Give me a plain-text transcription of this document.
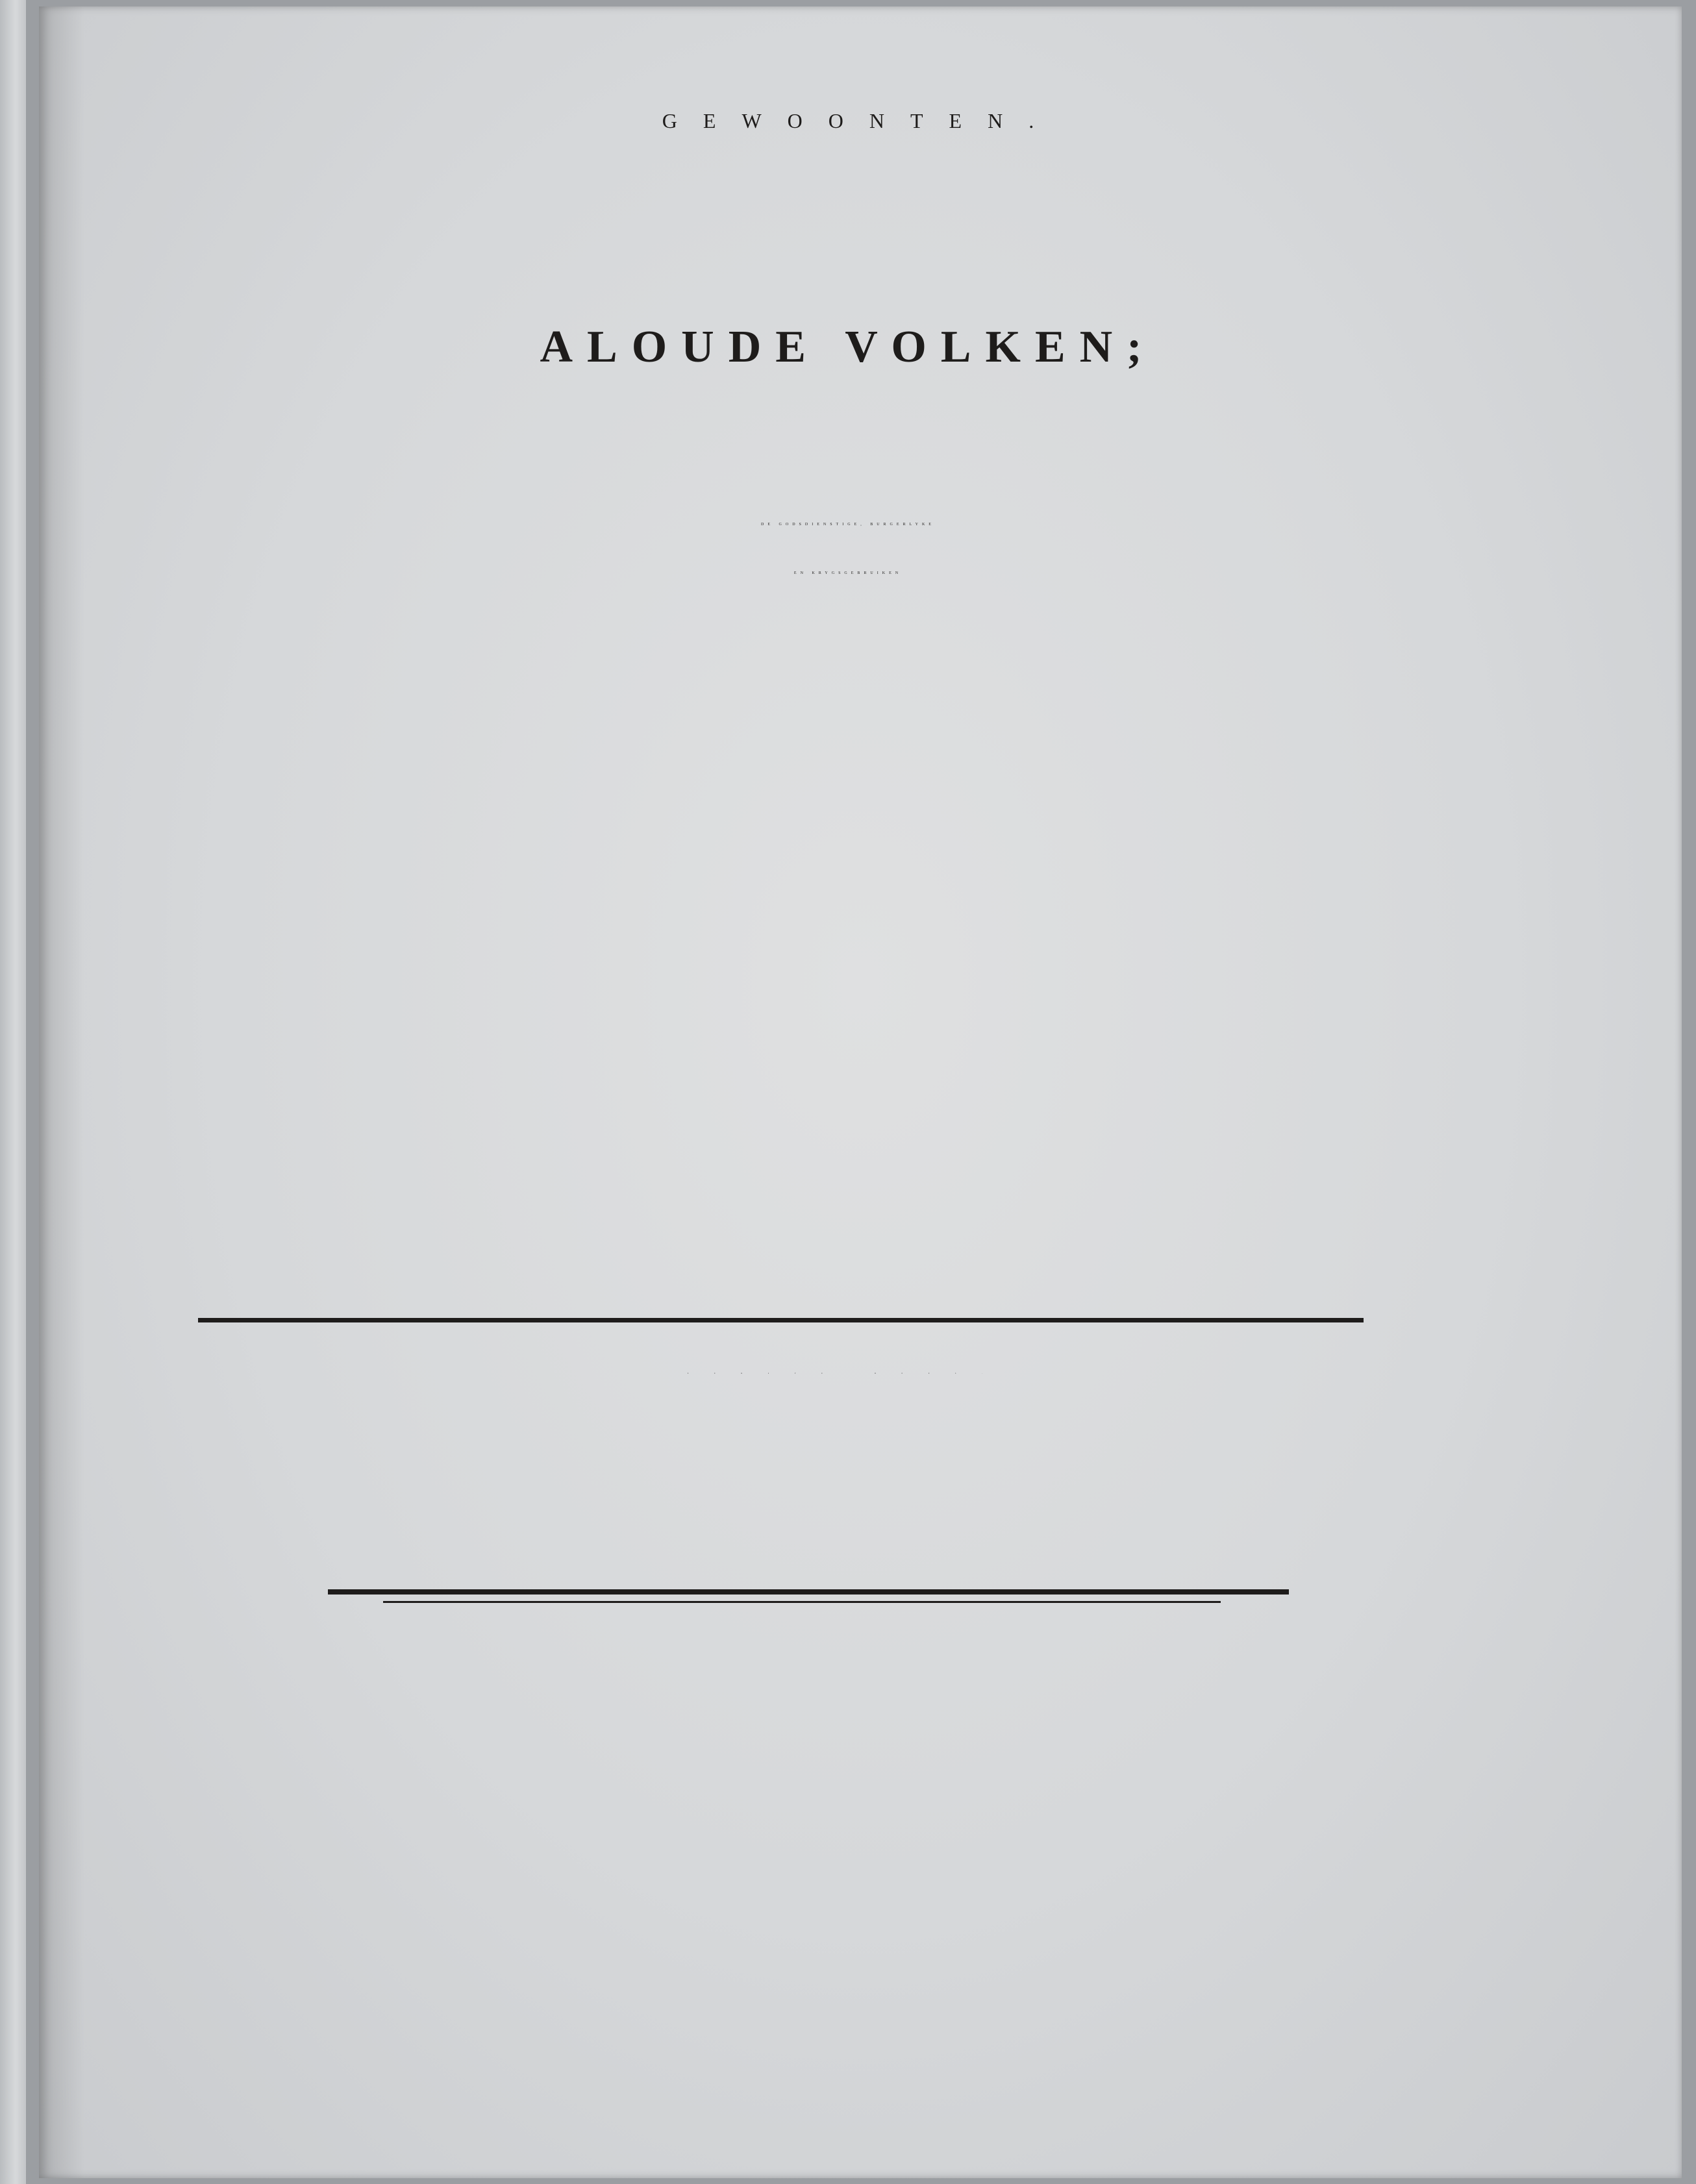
GEWOONTEN.
ALOUDE VOLKEN;
DE GODSDIENSTIGE, BURGERLYKE
EN KRYGSGEBRUIKEN
EERSTE DEEL.
